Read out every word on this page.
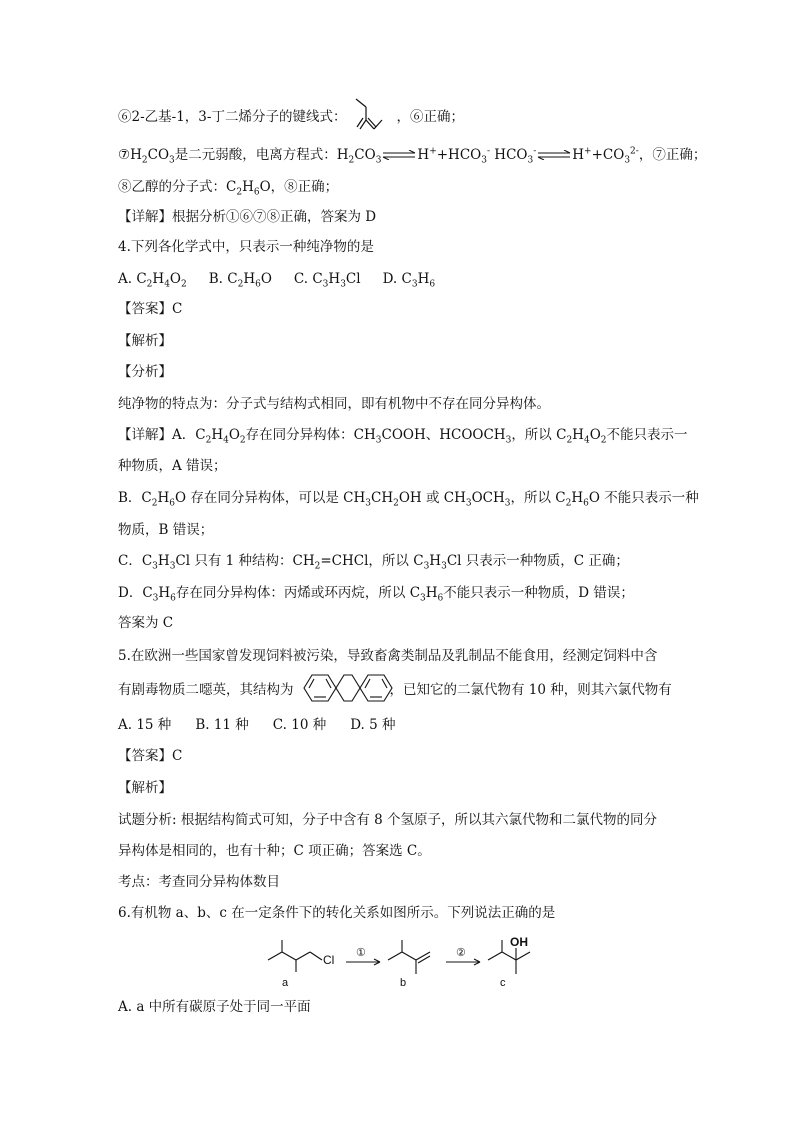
⑥2-乙基-1，3-丁二烯分子的键线式：	，⑥正确；
$⑦H_2CO_3$是二元弱酸，电离方程式：$H_2CO_3\rightleftharpoons H^++HCO_3^-$ $HCO_3^-\rightleftharpoons H^++CO_3^{2-}$，⑦正确；
⑧乙醇的分子式：$C_2H_6O$，⑧正确；
【详解】根据分析①⑥⑦⑧正确，答案为 D
4.下列各化学式中，只表示一种纯净物的是
A. $C_2H_4O_2$ B. $C_2H_6O$ C. $C_3H_3Cl$ D. $C_3H_6$
【答案】C
【解析】
【分析】
纯净物的特点为：分子式与结构式相同，即有机物中不存在同分异构体。
【详解】A．$C_2H_4O_2$存在同分异构体：$CH_3COOH$、$HCOOCH_3$，所以 $C_2H_4O_2$不能只表示一
种物质，A 错误；
B．$C_2H_6O$ 存在同分异构体，可以是 $CH_3CH_2OH$ 或 $CH_3OCH_3$，所以 $C_2H_6O$ 不能只表示一种
物质，B 错误；
C．$C_3H_3Cl$ 只有 1 种结构：$CH_2=CHCl$，所以 $C_3H_3Cl$ 只表示一种物质，C 正确；
D．$C_3H_6$存在同分异构体：丙烯或环丙烷，所以 $C_3H_6$不能只表示一种物质，D 错误；
答案为 C
5.在欧洲一些国家曾发现饲料被污染，导致畜禽类制品及乳制品不能食用，经测定饲料中含
有剧毒物质二噁英，其结构为	，已知它的二氯代物有 10 种，则其六氯代物有
A. 15 种 B. 11 种 C. 10 种 D. 5 种
【答案】C
【解析】
试题分析: 根据结构简式可知，分子中含有 8 个氢原子，所以其六氯代物和二氯代物的同分
异构体是相同的，也有十种；C 项正确；答案选 C。
考点：考查同分异构体数目
6.有机物 a、b、c 在一定条件下的转化关系如图所示。下列说法正确的是
Cl ①	②
OH
a	b	c
A. a 中所有碳原子处于同一平面
